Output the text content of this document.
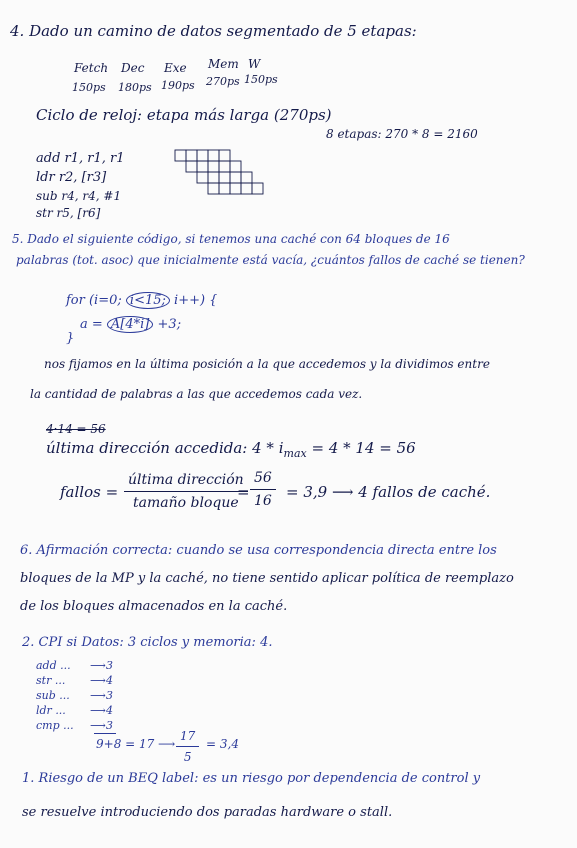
4. Dado un camino de datos segmentado de 5 etapas:
Fetch Dec Exe Mem W
150ps 180ps 190ps 270ps 150ps
Ciclo de reloj: etapa más larga (270ps)
8 etapas: 270 * 8 = 2160
add r1, r1, r1
ldr r2, [r3]
sub r4, r4, #1
str r5, [r6]
5. Dado el siguiente código, si tenemos una caché con 64 bloques de 16
palabras (tot. asoc) que inicialmente está vacía, ¿cuántos fallos de caché se tienen?
for (i=0; i<15; i++) {
a = A[4*i] +3;
}
nos fijamos en la última posición a la que accedemos y la dividimos entre
la cantidad de palabras a las que accedemos cada vez.
4·14 = 56
última dirección accedida: $4 * i_{max} = 4 * 14 = 56$
fallos =
última dirección
tamaño bloque
= $\frac{56}{16} = 3,9$ ⟶ 4 fallos de caché.
6. Afirmación correcta: cuando se usa correspondencia directa entre los
bloques de la MP y la caché, no tiene sentido aplicar política de reemplazo
de los bloques almacenados en la caché.
2. CPI si Datos: 3 ciclos y memoria: 4.
add ... ⟶ 3
str ... ⟶ 4
sub ... ⟶ 3
ldr ... ⟶ 4
cmp ... ⟶ 3
9+8 = 17 ⟶ $\frac{17}{5} = 3,4$
1. Riesgo de un BEQ label: es un riesgo por dependencia de control y
se resuelve introduciendo dos paradas hardware o stall.
